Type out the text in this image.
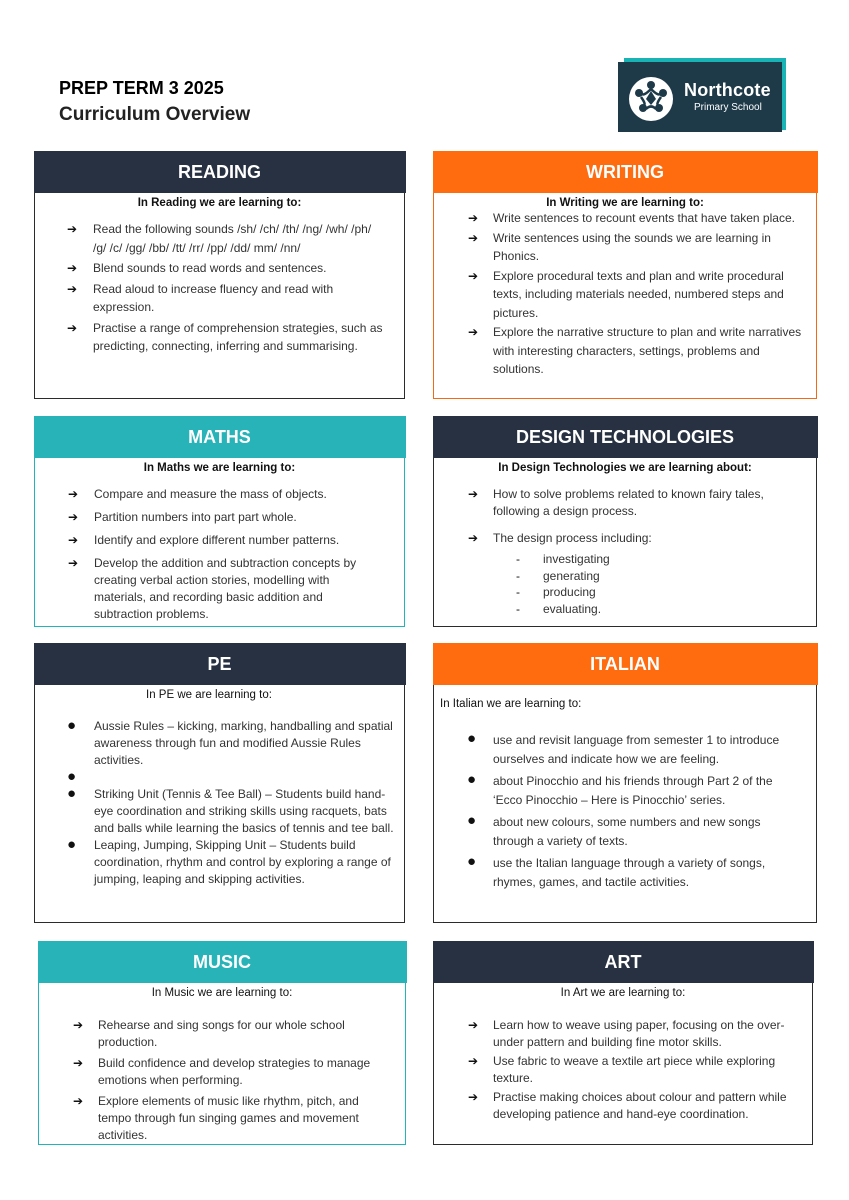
PREP TERM 3 2025
Curriculum Overview
Northcote
Primary School
READING
In Reading we are learning to:
➔ Read the following sounds /sh/ /ch/ /th/ /ng/ /wh/ /ph/ /g/ /c/ /gg/ /bb/ /tt/ /rr/ /pp/ /dd/ mm/ /nn/
➔ Blend sounds to read words and sentences.
➔ Read aloud to increase fluency and read with expression.
➔ Practise a range of comprehension strategies, such as predicting, connecting, inferring and summarising.
WRITING
In Writing we are learning to:
➔ Write sentences to recount events that have taken place.
➔ Write sentences using the sounds we are learning in Phonics.
➔ Explore procedural texts and plan and write procedural texts, including materials needed, numbered steps and pictures.
➔ Explore the narrative structure to plan and write narratives with interesting characters, settings, problems and solutions.
MATHS
In Maths we are learning to:
➔ Compare and measure the mass of objects.
➔ Partition numbers into part part whole.
➔ Identify and explore different number patterns.
➔ Develop the addition and subtraction concepts by creating verbal action stories, modelling with materials, and recording basic addition and subtraction problems.
DESIGN TECHNOLOGIES
In Design Technologies we are learning about:
➔ How to solve problems related to known fairy tales, following a design process.
➔ The design process including:
- investigating
- generating
- producing
- evaluating.
PE
In PE we are learning to:
● Aussie Rules – kicking, marking, handballing and spatial awareness through fun and modified Aussie Rules activities.
●
● Striking Unit (Tennis & Tee Ball) – Students build hand-eye coordination and striking skills using racquets, bats and balls while learning the basics of tennis and tee ball.
● Leaping, Jumping, Skipping Unit – Students build coordination, rhythm and control by exploring a range of jumping, leaping and skipping activities.
ITALIAN
In Italian we are learning to:
● use and revisit language from semester 1 to introduce ourselves and indicate how we are feeling.
● about Pinocchio and his friends through Part 2 of the ‘Ecco Pinocchio – Here is Pinocchio’ series.
● about new colours, some numbers and new songs through a variety of texts.
● use the Italian language through a variety of songs, rhymes, games, and tactile activities.
MUSIC
In Music we are learning to:
➔ Rehearse and sing songs for our whole school production.
➔ Build confidence and develop strategies to manage emotions when performing.
➔ Explore elements of music like rhythm, pitch, and tempo through fun singing games and movement activities.
ART
In Art we are learning to:
➔ Learn how to weave using paper, focusing on the over-under pattern and building fine motor skills.
➔ Use fabric to weave a textile art piece while exploring texture.
➔ Practise making choices about colour and pattern while developing patience and hand-eye coordination.
